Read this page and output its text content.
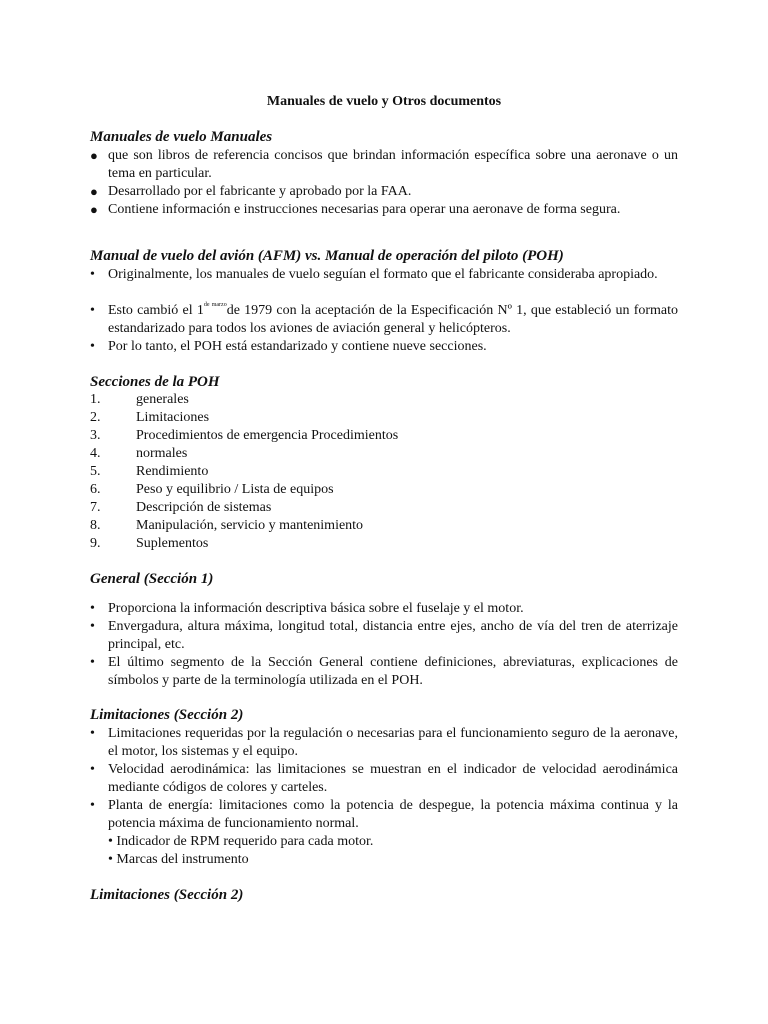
Manuales de vuelo y Otros documentos
Manuales de vuelo Manuales
● que son libros de referencia concisos que brindan información específica sobre una aeronave o un tema en particular.
● Desarrollado por el fabricante y aprobado por la FAA.
● Contiene información e instrucciones necesarias para operar una aeronave de forma segura.
Manual de vuelo del avión (AFM) vs. Manual de operación del piloto (POH)
• Originalmente, los manuales de vuelo seguían el formato que el fabricante consideraba apropiado.
• Esto cambió el $1^{de marzo}de$ 1979 con la aceptación de la Especificación Nº 1, que estableció un formato estandarizado para todos los aviones de aviación general y helicópteros.
• Por lo tanto, el POH está estandarizado y contiene nueve secciones.
Secciones de la POH
1.	generales
2.	Limitaciones
3.	Procedimientos de emergencia Procedimientos
4.	normales
5.	Rendimiento
6.	Peso y equilibrio / Lista de equipos
7.	Descripción de sistemas
8.	Manipulación, servicio y mantenimiento
9.	Suplementos
General (Sección 1)
• Proporciona la información descriptiva básica sobre el fuselaje y el motor.
• Envergadura, altura máxima, longitud total, distancia entre ejes, ancho de vía del tren de aterrizaje principal, etc.
• El último segmento de la Sección General contiene definiciones, abreviaturas, explicaciones de símbolos y parte de la terminología utilizada en el POH.
Limitaciones (Sección 2)
• Limitaciones requeridas por la regulación o necesarias para el funcionamiento seguro de la aeronave, el motor, los sistemas y el equipo.
• Velocidad aerodinámica: las limitaciones se muestran en el indicador de velocidad aerodinámica mediante códigos de colores y carteles.
• Planta de energía: limitaciones como la potencia de despegue, la potencia máxima continua y la potencia máxima de funcionamiento normal.
• Indicador de RPM requerido para cada motor.
• Marcas del instrumento
Limitaciones (Sección 2)
